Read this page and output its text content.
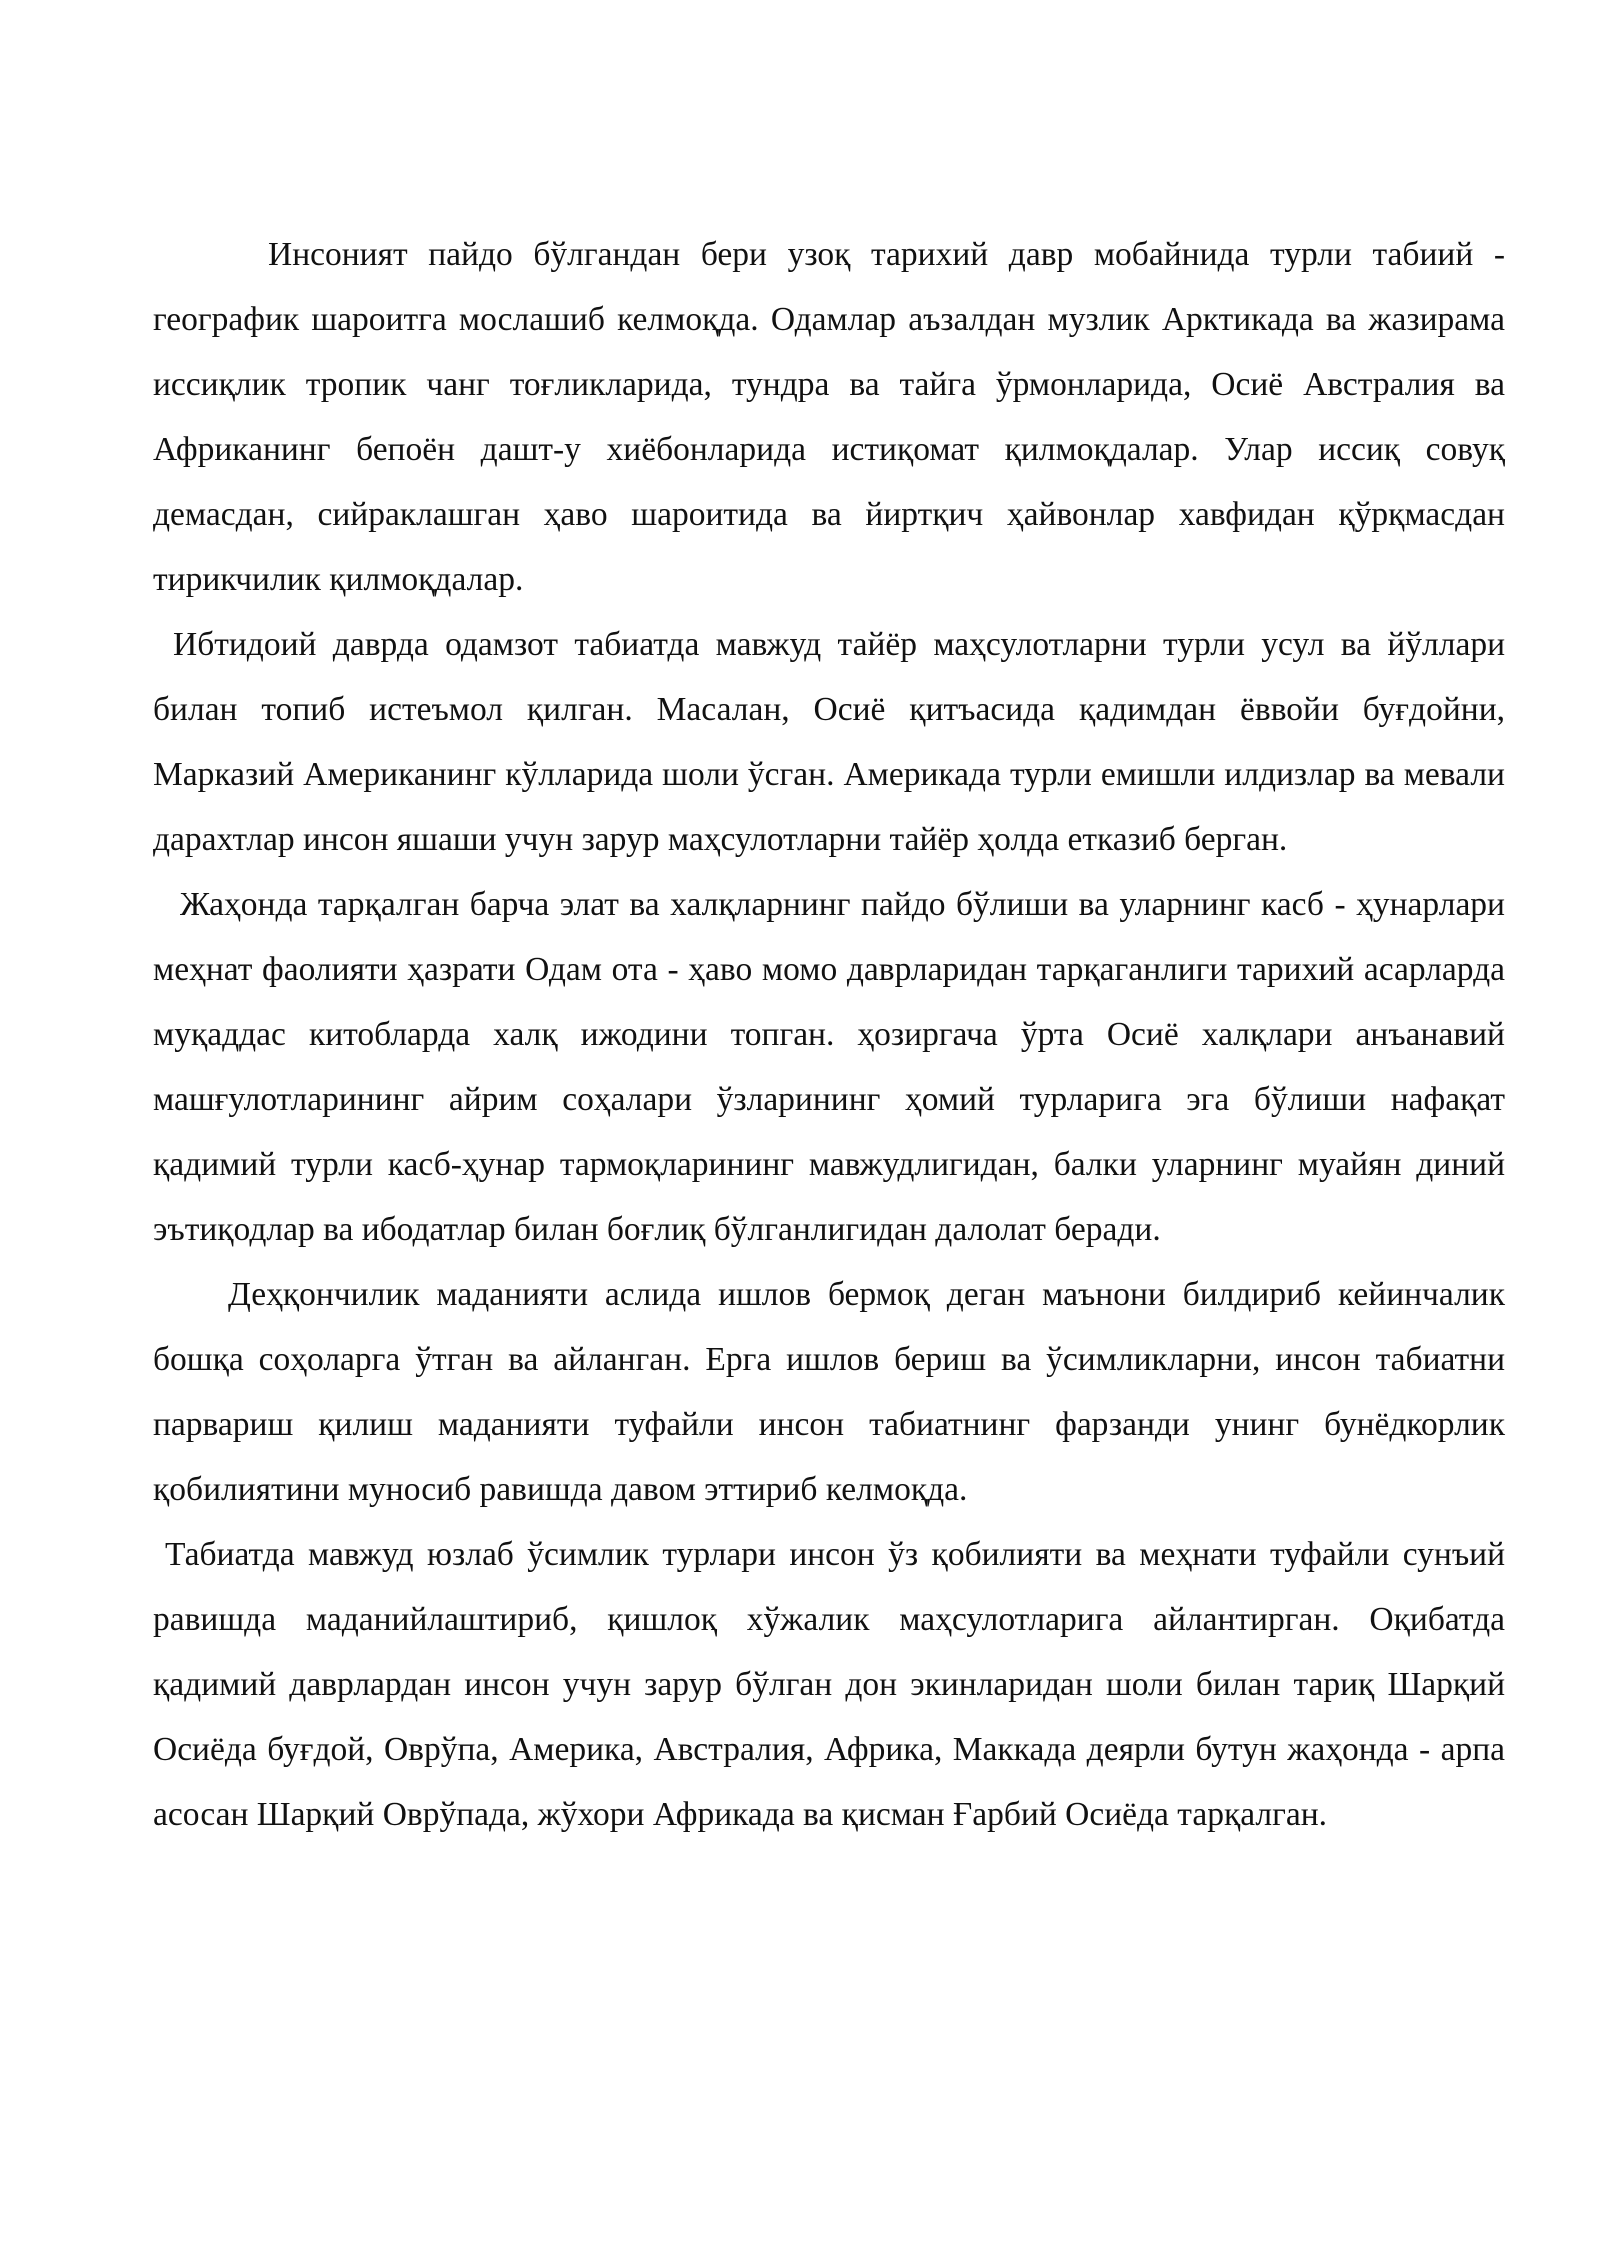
Инсоният пайдо бўлгандан бери узоқ тарихий давр мобайнида турли табиий - географик шароитга мослашиб келмоқда. Одамлар аъзалдан музлик Арктикада ва жазирама иссиқлик тропик чанг тоғликларида, тундра ва тайга ўрмонларида, Осиё Австралия ва Африканинг бепоён дашт-у хиёбонларида истиқомат қилмоқдалар. Улар иссиқ совуқ демасдан, сийраклашган ҳаво шароитида ва йиртқич ҳайвонлар хавфидан қўрқмасдан тирикчилик қилмоқдалар.

Ибтидоий даврда одамзот табиатда мавжуд тайёр маҳсулотларни турли усул ва йўллари билан топиб истеъмол қилган. Масалан, Осиё қитъасида қадимдан ёввойи буғдойни, Марказий Американинг кўлларида шоли ўсган. Америкада турли емишли илдизлар ва мевали дарахтлар инсон яшаши учун зарур маҳсулотларни тайёр ҳолда етказиб берган.

Жаҳонда тарқалган барча элат ва халқларнинг пайдо бўлиши ва уларнинг касб - ҳунарлари меҳнат фаолияти ҳазрати Одам ота - ҳаво момо даврларидан тарқаганлиги тарихий асарларда муқаддас китобларда халқ ижодини топган. ҳозиргача ўрта Осиё халқлари анъанавий машғулотларининг айрим соҳалари ўзларининг ҳомий турларига эга бўлиши нафақат қадимий турли касб-ҳунар тармоқларининг мавжудлигидан, балки уларнинг муайян диний эътиқодлар ва ибодатлар билан боғлиқ бўлганлигидан далолат беради.

Деҳқончилик маданияти аслида ишлов бермоқ деган маънони билдириб кейинчалик бошқа соҳоларга ўтган ва айланган. Ерга ишлов бериш ва ўсимликларни, инсон табиатни парвариш қилиш маданияти туфайли инсон табиатнинг фарзанди унинг бунёдкорлик қобилиятини муносиб равишда давом эттириб келмоқда.

Табиатда мавжуд юзлаб ўсимлик турлари инсон ўз қобилияти ва меҳнати туфайли сунъий равишда маданийлаштириб, қишлоқ хўжалик маҳсулотларига айлантирган. Оқибатда қадимий даврлардан инсон учун зарур бўлган дон экинларидан шоли билан тариқ Шарқий Осиёда буғдой, Оврўпа, Америка, Австралия, Африка, Маккада деярли бутун жаҳонда - арпа асосан Шарқий Оврўпада, жўхори Африкада ва қисман Ғарбий Осиёда тарқалган.
